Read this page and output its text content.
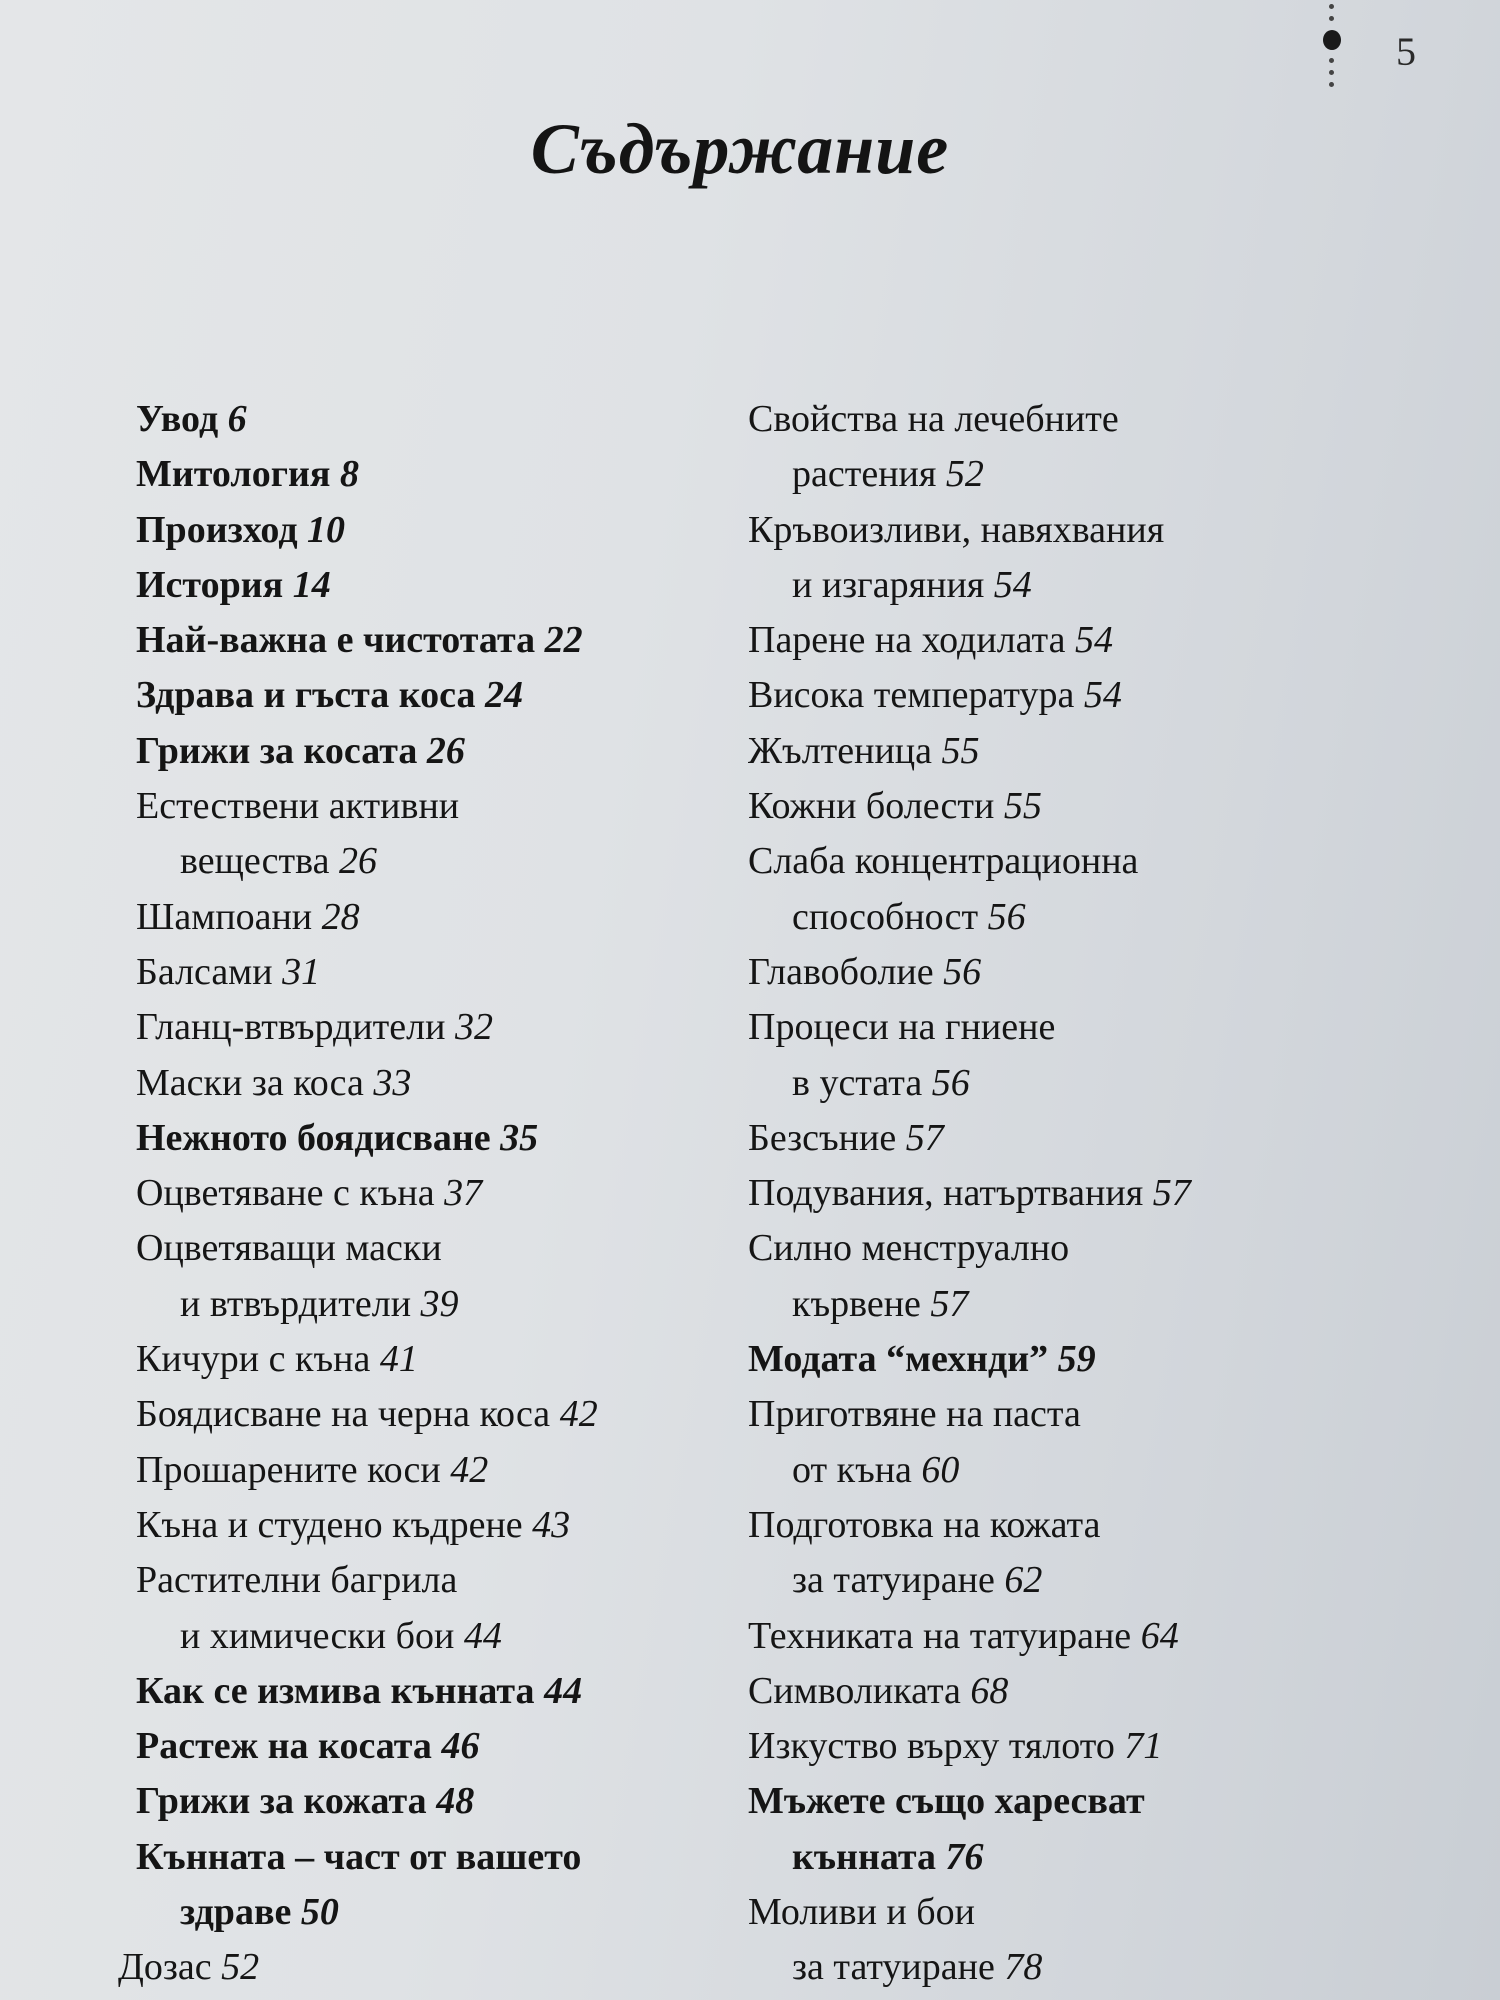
5
Съдържание
Увод 6
Митология 8
Произход 10
История 14
Най-важна е чистотата 22
Здрава и гъста коса 24
Грижи за косата 26
Естествени активни
вещества 26
Шампоани 28
Балсами 31
Гланц-втвърдители 32
Маски за коса 33
Нежното боядисване 35
Оцветяване с къна 37
Оцветяващи маски
и втвърдители 39
Кичури с къна 41
Боядисване на черна коса 42
Прошарените коси 42
Къна и студено къдрене 43
Растителни багрила
и химически бои 44
Как се измива кънната 44
Растеж на косата 46
Грижи за кожата 48
Кънната – част от вашето
здраве 50
Дозас 52
Свойства на лечебните
растения 52
Кръвоизливи, навяхвания
и изгаряния 54
Парене на ходилата 54
Висока температура 54
Жълтеница 55
Кожни болести 55
Слаба концентрационна
способност 56
Главоболие 56
Процеси на гниене
в устата 56
Безсъние 57
Подувания, натъртвания 57
Силно менструално
кървене 57
Модата “мехнди” 59
Приготвяне на паста
от къна 60
Подготовка на кожата
за татуиране 62
Техниката на татуиране 64
Символиката 68
Изкуство върху тялото 71
Мъжете също харесват
кънната 76
Моливи и бои
за татуиране 78
